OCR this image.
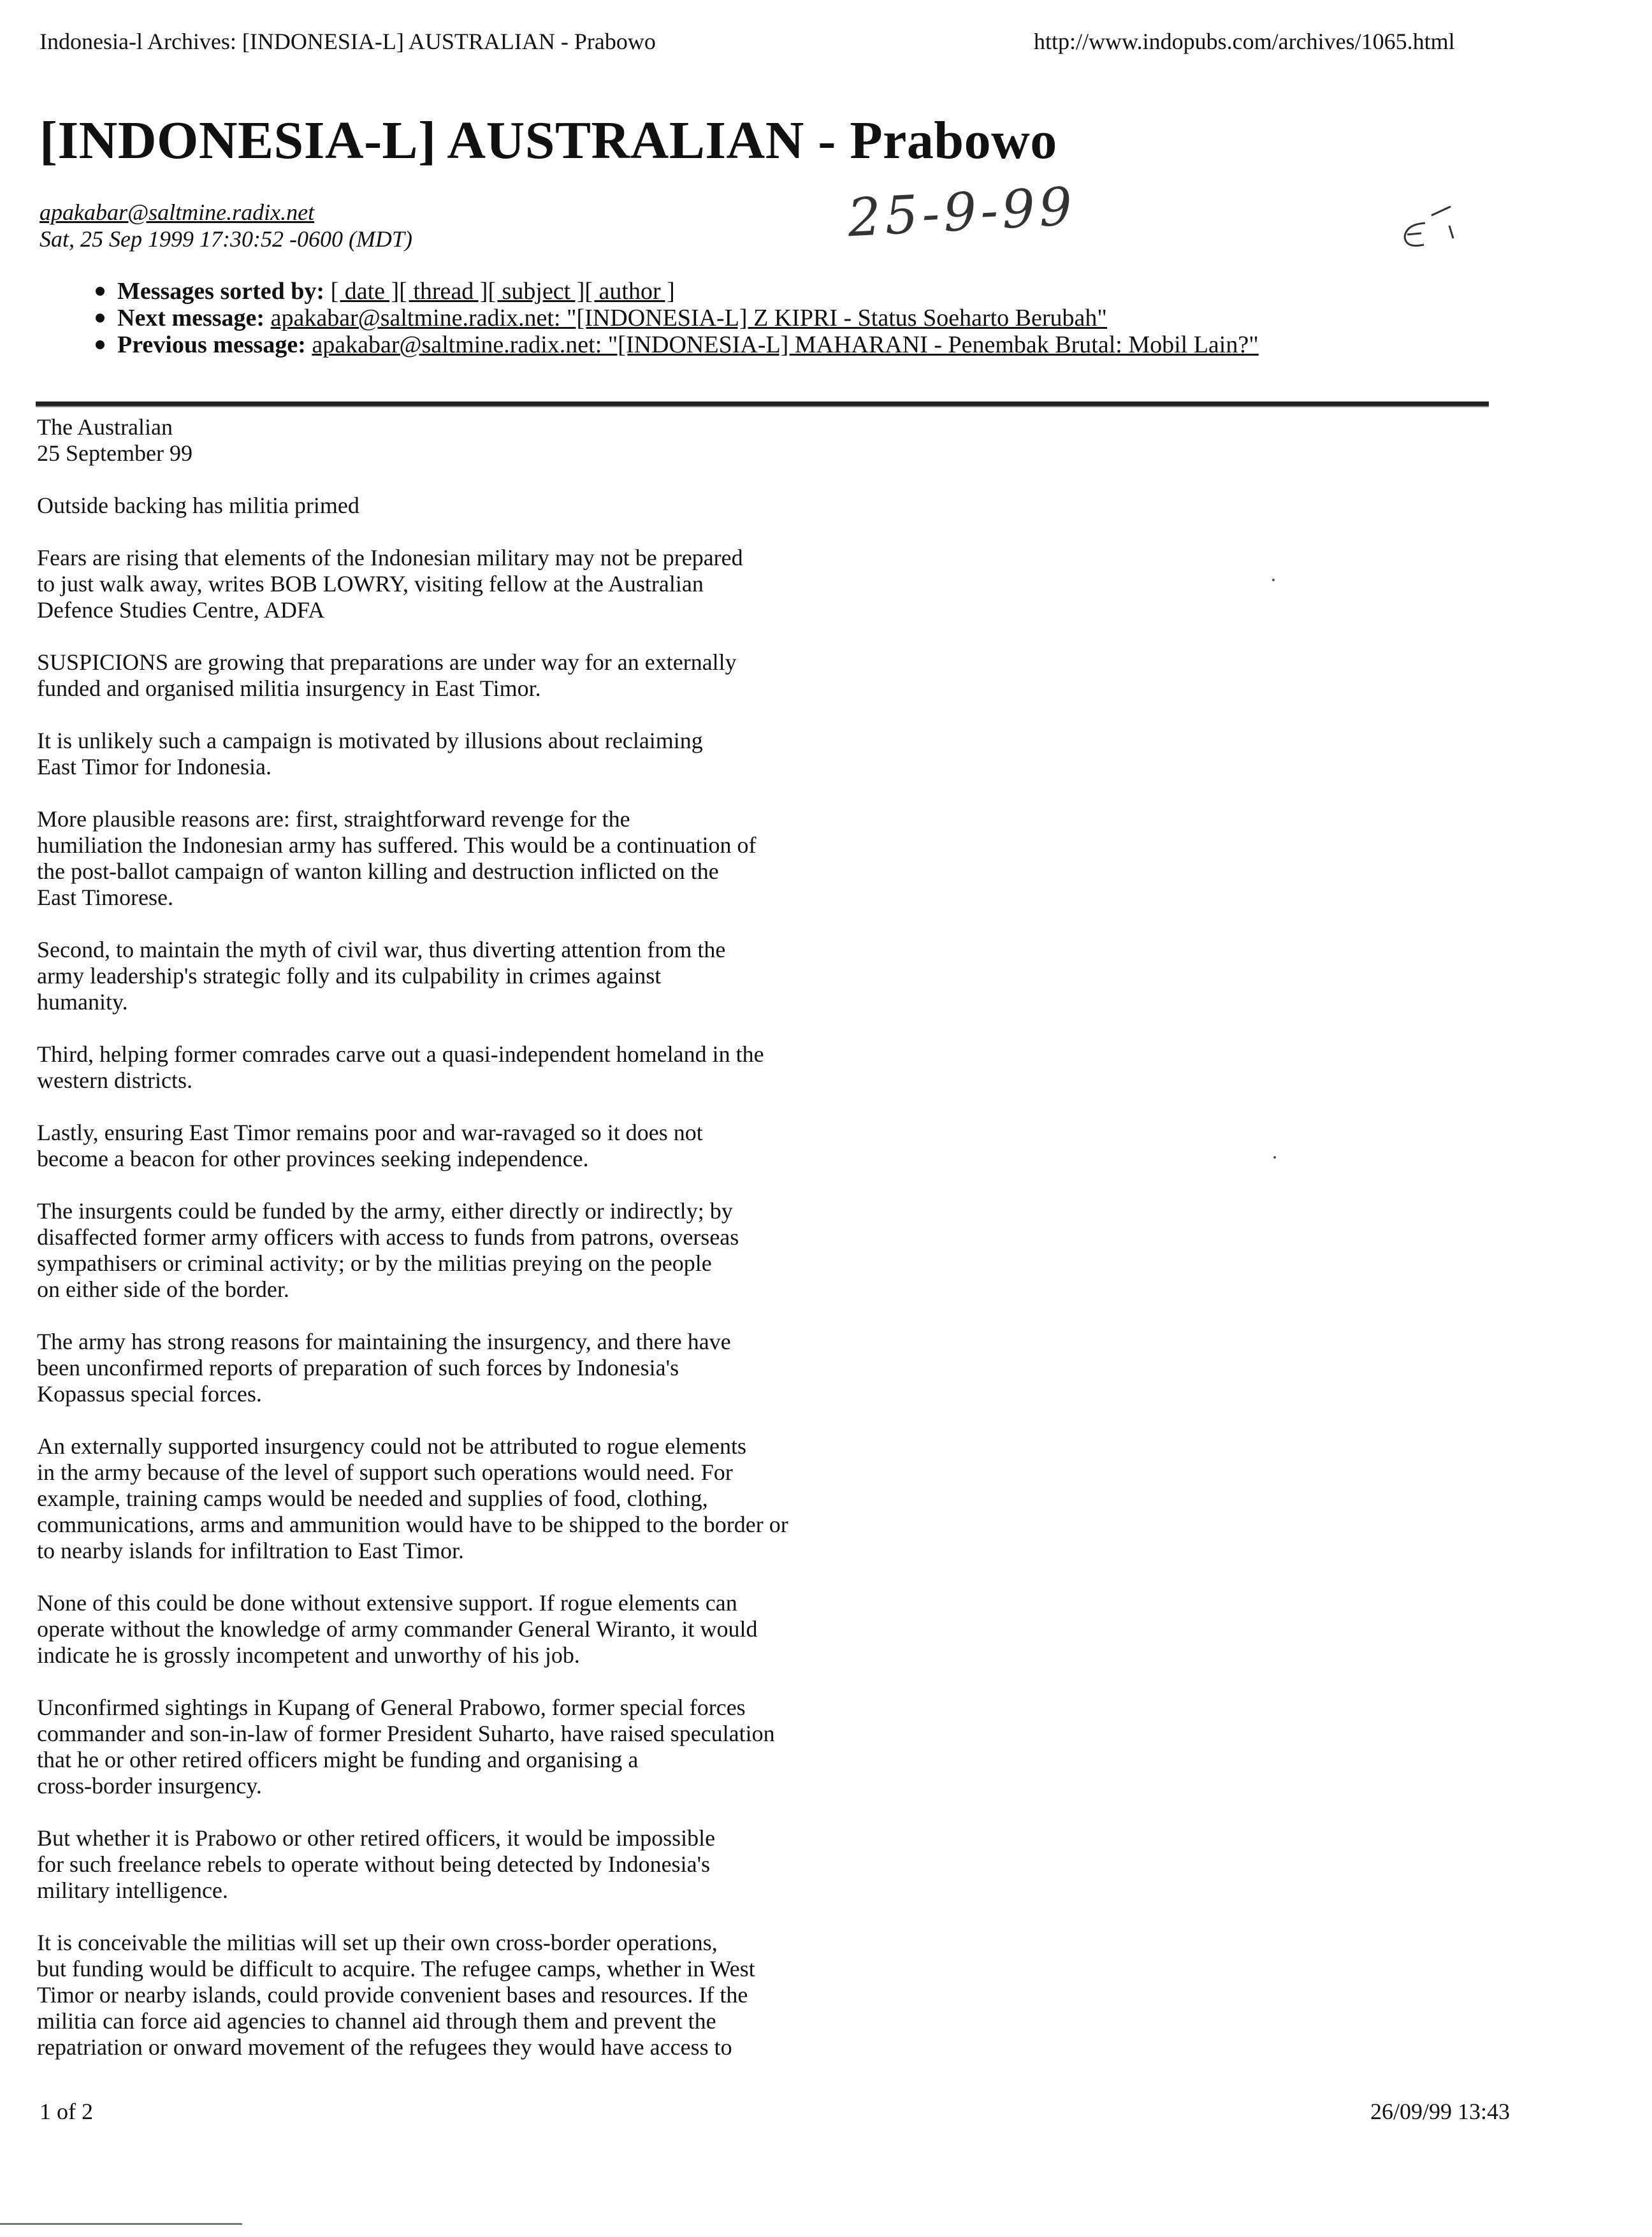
Indonesia-l Archives: [INDONESIA-L] AUSTRALIAN - Prabowo	http://www.indopubs.com/archives/1065.html
[INDONESIA-L] AUSTRALIAN - Prabowo
apakabar@saltmine.radix.net
Sat, 25 Sep 1999 17:30:52 -0600 (MDT)	25-9-99
Messages sorted by: [ date ][ thread ][ subject ][ author ]
Next message: apakabar@saltmine.radix.net: "[INDONESIA-L] Z KIPRI - Status Soeharto Berubah"
Previous message: apakabar@saltmine.radix.net: "[INDONESIA-L] MAHARANI - Penembak Brutal: Mobil Lain?"

The Australian
25 September 99

Outside backing has militia primed

Fears are rising that elements of the Indonesian military may not be prepared
to just walk away, writes BOB LOWRY, visiting fellow at the Australian
Defence Studies Centre, ADFA

SUSPICIONS are growing that preparations are under way for an externally
funded and organised militia insurgency in East Timor.

It is unlikely such a campaign is motivated by illusions about reclaiming
East Timor for Indonesia.

More plausible reasons are: first, straightforward revenge for the
humiliation the Indonesian army has suffered. This would be a continuation of
the post-ballot campaign of wanton killing and destruction inflicted on the
East Timorese.

Second, to maintain the myth of civil war, thus diverting attention from the
army leadership's strategic folly and its culpability in crimes against
humanity.

Third, helping former comrades carve out a quasi-independent homeland in the
western districts.

Lastly, ensuring East Timor remains poor and war-ravaged so it does not
become a beacon for other provinces seeking independence.

The insurgents could be funded by the army, either directly or indirectly; by
disaffected former army officers with access to funds from patrons, overseas
sympathisers or criminal activity; or by the militias preying on the people
on either side of the border.

The army has strong reasons for maintaining the insurgency, and there have
been unconfirmed reports of preparation of such forces by Indonesia's
Kopassus special forces.

An externally supported insurgency could not be attributed to rogue elements
in the army because of the level of support such operations would need. For
example, training camps would be needed and supplies of food, clothing,
communications, arms and ammunition would have to be shipped to the border or
to nearby islands for infiltration to East Timor.

None of this could be done without extensive support. If rogue elements can
operate without the knowledge of army commander General Wiranto, it would
indicate he is grossly incompetent and unworthy of his job.

Unconfirmed sightings in Kupang of General Prabowo, former special forces
commander and son-in-law of former President Suharto, have raised speculation
that he or other retired officers might be funding and organising a
cross-border insurgency.

But whether it is Prabowo or other retired officers, it would be impossible
for such freelance rebels to operate without being detected by Indonesia's
military intelligence.

It is conceivable the militias will set up their own cross-border operations,
but funding would be difficult to acquire. The refugee camps, whether in West
Timor or nearby islands, could provide convenient bases and resources. If the
militia can force aid agencies to channel aid through them and prevent the
repatriation or onward movement of the refugees they would have access to

1 of 2	26/09/99 13:43
